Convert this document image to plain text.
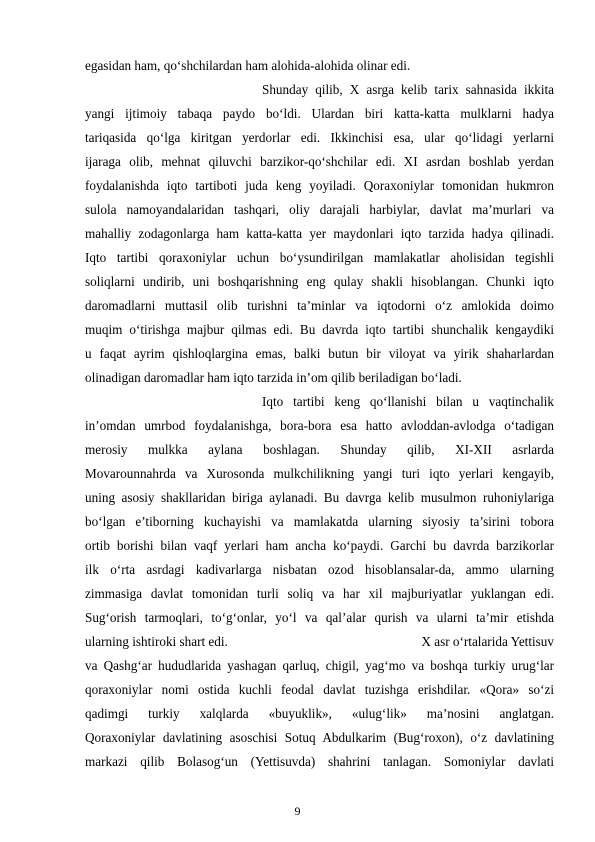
egasidan ham, qo‘shchilardan ham alohida-alohida olinar edi.
Shunday qilib, X asrga kelib tarix sahnasida ikkita
yangi ijtimoiy tabaqa paydo bo‘ldi. Ulardan biri katta-katta mulklarni hadya
tariqasida qo‘lga kiritgan yerdorlar edi. Ikkinchisi esa, ular qo‘lidagi yerlarni
ijaraga olib, mehnat qiluvchi barzikor-qo‘shchilar edi. XI asrdan boshlab yerdan
foydalanishda iqto tartiboti juda keng yoyiladi. Qoraxoniylar tomonidan hukmron
sulola namoyandalaridan tashqari, oliy darajali harbiylar, davlat ma’murlari va
mahalliy zodagonlarga ham katta-katta yer maydonlari iqto tarzida hadya qilinadi.
Iqto tartibi qoraxoniylar uchun bo‘ysundirilgan mamlakatlar aholisidan tegishli
soliqlarni undirib, uni boshqarishning eng qulay shakli hisoblangan. Chunki iqto
daromadlarni muttasil olib turishni ta’minlar va iqtodorni o‘z amlokida doimo
muqim o‘tirishga majbur qilmas edi. Bu davrda iqto tartibi shunchalik kengaydiki
u faqat ayrim qishloqlargina emas, balki butun bir viloyat va yirik shaharlardan
olinadigan daromadlar ham iqto tarzida in’om qilib beriladigan bo‘ladi.
Iqto tartibi keng qo‘llanishi bilan u vaqtinchalik
in’omdan umrbod foydalanishga, bora-bora esa hatto avloddan-avlodga o‘tadigan
merosiy mulkka aylana boshlagan. Shunday qilib, XI-XII asrlarda
Movarounnahrda va Xurosonda mulkchilikning yangi turi iqto yerlari kengayib,
uning asosiy shakllaridan biriga aylanadi. Bu davrga kelib musulmon ruhoniylariga
bo‘lgan e’tiborning kuchayishi va mamlakatda ularning siyosiy ta’sirini tobora
ortib borishi bilan vaqf yerlari ham ancha ko‘paydi. Garchi bu davrda barzikorlar
ilk o‘rta asrdagi kadivarlarga nisbatan ozod hisoblansalar-da, ammo ularning
zimmasiga davlat tomonidan turli soliq va har xil majburiyatlar yuklangan edi.
Sug‘orish tarmoqlari, to‘g‘onlar, yo‘l va qal’alar qurish va ularni ta’mir etishda
ularning ishtiroki shart edi.	X asr o‘rtalarida Yettisuv
va Qashg‘ar hududlarida yashagan qarluq, chigil, yag‘mo va boshqa turkiy urug‘lar
qoraxoniylar nomi ostida kuchli feodal davlat tuzishga erishdilar. «Qora» so‘zi
qadimgi turkiy xalqlarda «buyuklik», «ulug‘lik» ma’nosini anglatgan.
Qoraxoniylar davlatining asoschisi Sotuq Abdulkarim (Bug‘roxon), o‘z davlatining
markazi qilib Bolasog‘un (Yettisuvda) shahrini tanlagan. Somoniylar davlati
9
